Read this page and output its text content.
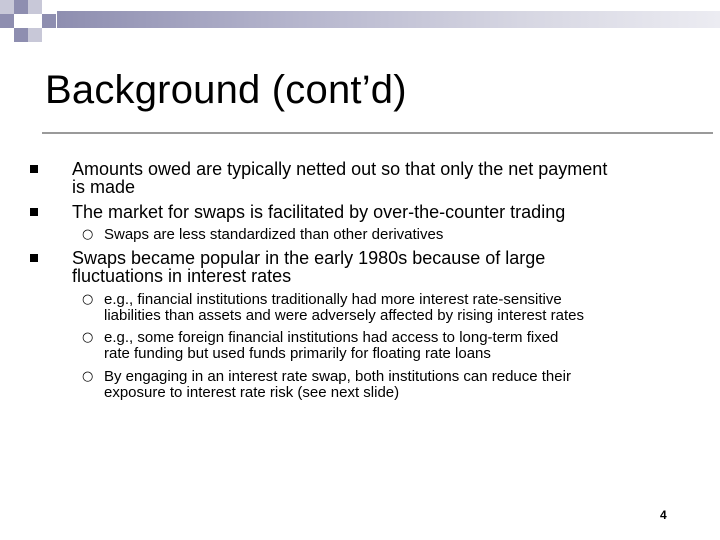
Background (cont’d)
Amounts owed are typically netted out so that only the net payment
is made
The market for swaps is facilitated by over-the-counter trading
○ Swaps are less standardized than other derivatives
Swaps became popular in the early 1980s because of large
fluctuations in interest rates
○ e.g., financial institutions traditionally had more interest rate-sensitive
liabilities than assets and were adversely affected by rising interest rates
○ e.g., some foreign financial institutions had access to long-term fixed
rate funding but used funds primarily for floating rate loans
○ By engaging in an interest rate swap, both institutions can reduce their
exposure to interest rate risk (see next slide)
4
